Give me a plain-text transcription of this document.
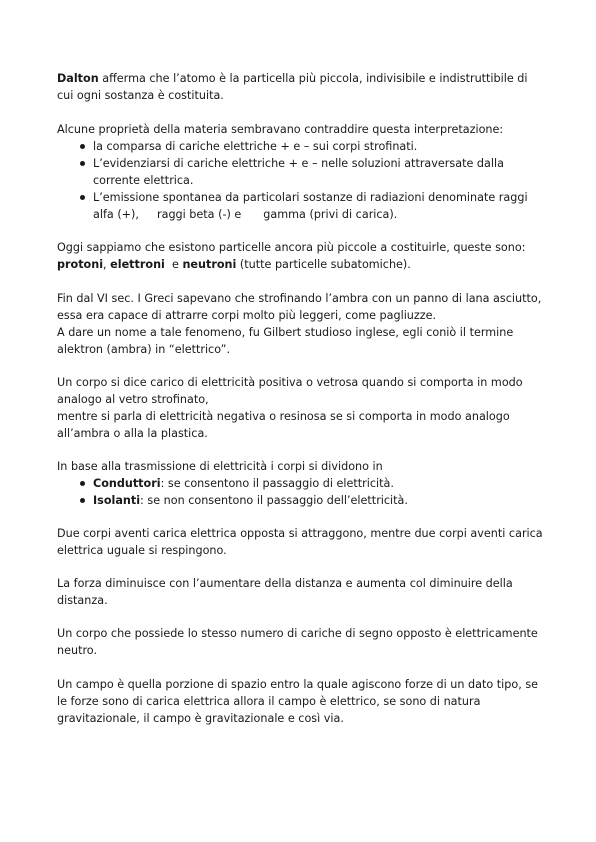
Dalton afferma che l’atomo è la particella più piccola, indivisibile e indistruttibile di
cui ogni sostanza è costituita.
Alcune proprietà della materia sembravano contraddire questa interpretazione:
la comparsa di cariche elettriche + e – sui corpi strofinati.
L’evidenziarsi di cariche elettriche + e – nelle soluzioni attraversate dalla
corrente elettrica.
L’emissione spontanea da particolari sostanze di radiazioni denominate raggi
alfa (+), raggi beta (-) e gamma (privi di carica).
Oggi sappiamo che esistono particelle ancora più piccole a costituirle, queste sono:
protoni, elettroni  e neutroni (tutte particelle subatomiche).
Fin dal VI sec. I Greci sapevano che strofinando l’ambra con un panno di lana asciutto,
essa era capace di attrarre corpi molto più leggeri, come pagliuzze.
A dare un nome a tale fenomeno, fu Gilbert studioso inglese, egli coniò il termine
alektron (ambra) in “elettrico”.
Un corpo si dice carico di elettricità positiva o vetrosa quando si comporta in modo
analogo al vetro strofinato,
mentre si parla di elettricità negativa o resinosa se si comporta in modo analogo
all’ambra o alla la plastica.
In base alla trasmissione di elettricità i corpi si dividono in
Conduttori: se consentono il passaggio di elettricità.
Isolanti: se non consentono il passaggio dell’elettricità.
Due corpi aventi carica elettrica opposta si attraggono, mentre due corpi aventi carica
elettrica uguale si respingono.
La forza diminuisce con l’aumentare della distanza e aumenta col diminuire della
distanza.
Un corpo che possiede lo stesso numero di cariche di segno opposto è elettricamente
neutro.
Un campo è quella porzione di spazio entro la quale agiscono forze di un dato tipo, se
le forze sono di carica elettrica allora il campo è elettrico, se sono di natura
gravitazionale, il campo è gravitazionale e così via.
